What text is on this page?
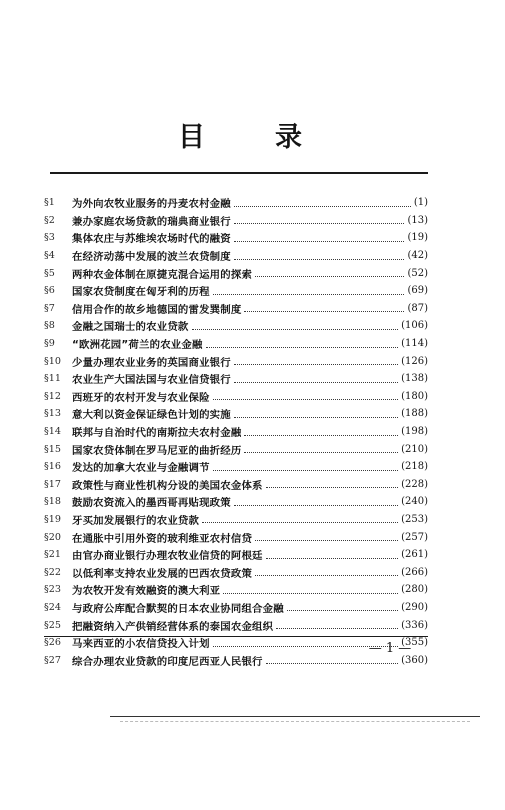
目	录
§1	为外向农牧业服务的丹麦农村金融	(1)
§2	兼办家庭农场贷款的瑞典商业银行	(13)
§3	集体农庄与苏维埃农场时代的融资	(19)
§4	在经济动荡中发展的波兰农贷制度	(42)
§5	两种农金体制在原捷克混合运用的探索	(52)
§6	国家农贷制度在匈牙利的历程	(69)
§7	信用合作的故乡地德国的雷发巽制度	(87)
§8	金融之国瑞士的农业贷款	(106)
§9	“欧洲花园”荷兰的农业金融	(114)
§10	少量办理农业业务的英国商业银行	(126)
§11	农业生产大国法国与农业信贷银行	(138)
§12	西班牙的农村开发与农业保险	(180)
§13	意大利以资金保证绿色计划的实施	(188)
§14	联邦与自治时代的南斯拉夫农村金融	(198)
§15	国家农贷体制在罗马尼亚的曲折经历	(210)
§16	发达的加拿大农业与金融调节	(218)
§17	政策性与商业性机构分设的美国农金体系	(228)
§18	鼓励农资流入的墨西哥再贴现政策	(240)
§19	牙买加发展银行的农业贷款	(253)
§20	在通胀中引用外资的玻利维亚农村信贷	(257)
§21	由官办商业银行办理农牧业信贷的阿根廷	(261)
§22	以低利率支持农业发展的巴西农贷政策	(266)
§23	为农牧开发有效融资的澳大利亚	(280)
§24	与政府公库配合默契的日本农业协同组合金融	(290)
§25	把融资纳入产供销经营体系的泰国农金组织	(336)
§26	马来西亚的小农信贷投入计划	(355)
§27	综合办理农业贷款的印度尼西亚人民银行	(360)
— 1 —
